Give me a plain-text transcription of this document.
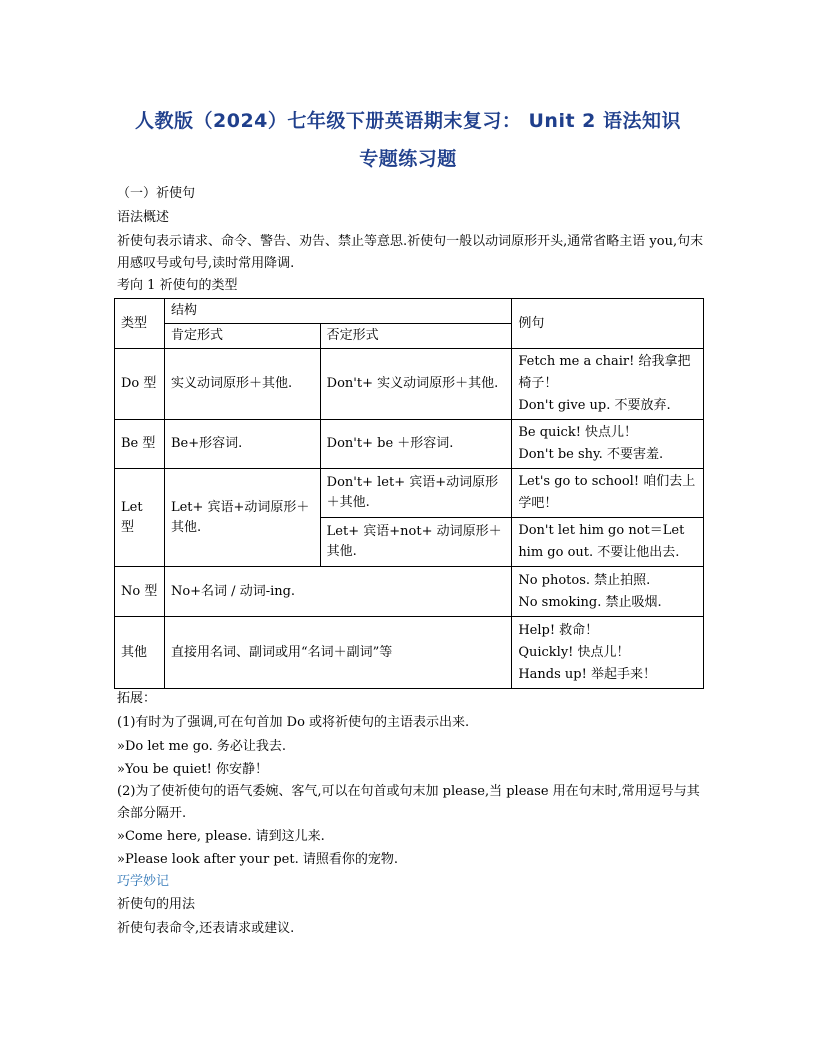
人教版（2024）七年级下册英语期末复习： Unit 2 语法知识
专题练习题
（一）祈使句
语法概述
祈使句表示请求、命令、警告、劝告、禁止等意思.祈使句一般以动词原形开头,通常省略主语 you,句末用感叹号或句号,读时常用降调.
考向 1 祈使句的类型
类型	结构		例句
	肯定形式	否定形式	
Do 型	实义动词原形＋其他.	Don't+ 实义动词原形＋其他.	Fetch me a chair! 给我拿把椅子！
Don't give up. 不要放弃.

Be 型	Be+形容词.	Don't+ be ＋形容词.	Be quick! 快点儿！
Don't be shy. 不要害羞.

Let 型	Let+ 宾语+动词原形＋其他.	Don't+ let+ 宾语+动词原形＋其他.	Let's go to school! 咱们去上学吧！

		Let+ 宾语+not+ 动词原形＋其他.	Don't let him go not＝Let him go out. 不要让他出去.

No 型	No+名词 / 动词-ing.		No photos. 禁止拍照.
No smoking. 禁止吸烟.

其他	直接用名词、副词或用“名词＋副词”等		Help! 救命！
Quickly! 快点儿！
Hands up! 举起手来！
拓展：
(1)有时为了强调,可在句首加 Do 或将祈使句的主语表示出来.
»Do let me go. 务必让我去.
»You be quiet! 你安静！
(2)为了使祈使句的语气委婉、客气,可以在句首或句末加 please,当 please 用在句末时,常用逗号与其余部分隔开.
»Come here, please. 请到这儿来.
»Please look after your pet. 请照看你的宠物.
巧学妙记
祈使句的用法
祈使句表命令,还表请求或建议.
